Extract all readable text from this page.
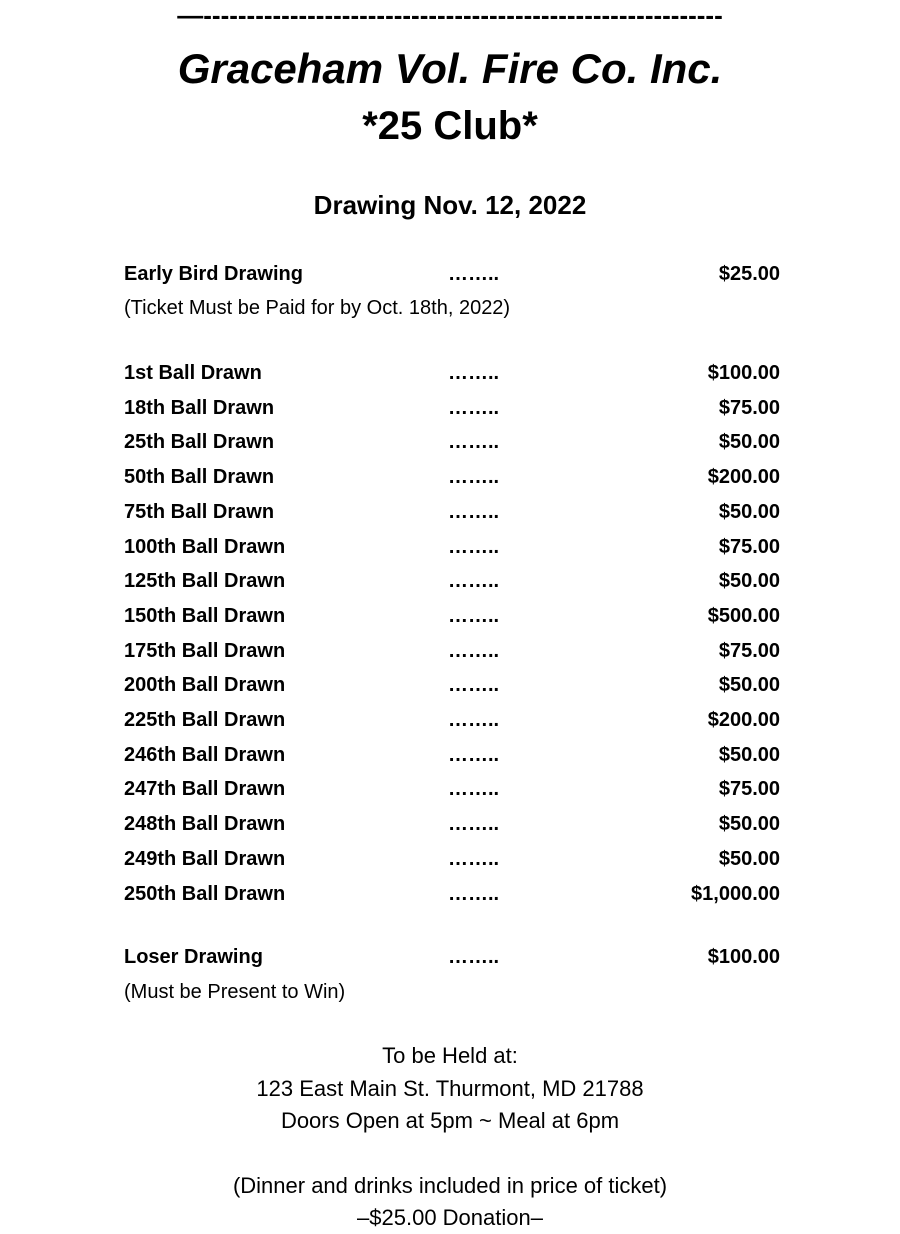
—------------------------------------------------------------
Graceham Vol. Fire Co. Inc.
*25 Club*
Drawing Nov. 12, 2022
Early Bird Drawing	……..	$25.00
(Ticket Must be Paid for by Oct. 18th, 2022)
1st Ball Drawn	……..	$100.00
18th Ball Drawn	……..	$75.00
25th Ball Drawn	……..	$50.00
50th Ball Drawn	……..	$200.00
75th Ball Drawn	……..	$50.00
100th Ball Drawn	……..	$75.00
125th Ball Drawn	……..	$50.00
150th Ball Drawn	……..	$500.00
175th Ball Drawn	……..	$75.00
200th Ball Drawn	……..	$50.00
225th Ball Drawn	……..	$200.00
246th Ball Drawn	……..	$50.00
247th Ball Drawn	……..	$75.00
248th Ball Drawn	……..	$50.00
249th Ball Drawn	……..	$50.00
250th Ball Drawn	……..	$1,000.00
Loser Drawing	……..	$100.00
(Must be Present to Win)
To be Held at:
123 East Main St. Thurmont, MD 21788
Doors Open at 5pm ~ Meal at 6pm
(Dinner and drinks included in price of ticket)
–$25.00 Donation–
